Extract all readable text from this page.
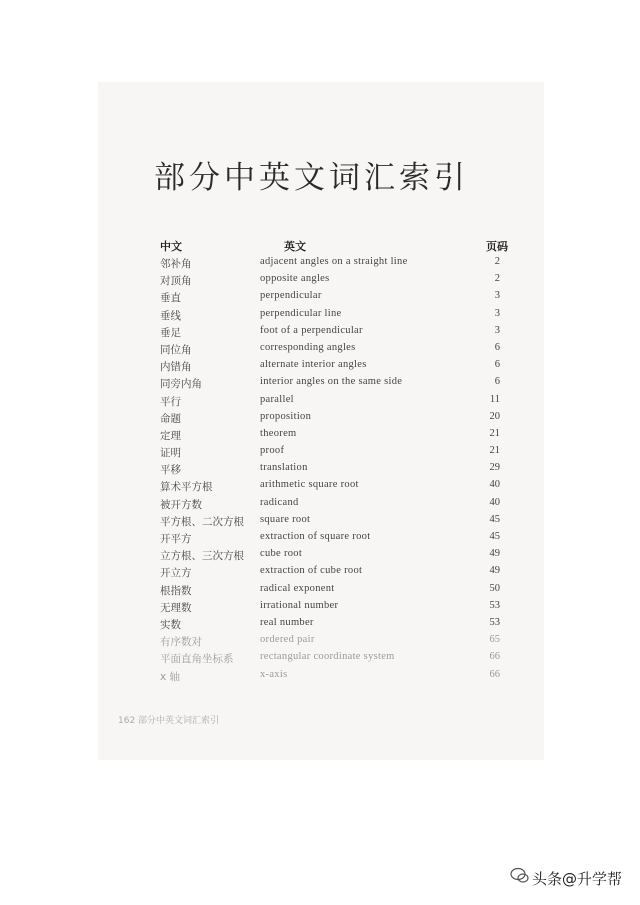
部分中英文词汇索引
中文	英文	页码
邻补角	adjacent angles on a straight line	2
对顶角	opposite angles	2
垂直	perpendicular	3
垂线	perpendicular line	3
垂足	foot of a perpendicular	3
同位角	corresponding angles	6
内错角	alternate interior angles	6
同旁内角	interior angles on the same side	6
平行	parallel	11
命题	proposition	20
定理	theorem	21
证明	proof	21
平移	translation	29
算术平方根	arithmetic square root	40
被开方数	radicand	40
平方根、二次方根 square root	45
开平方	extraction of square root	45
立方根、三次方根 cube root	49
开立方	extraction of cube root	49
根指数	radical exponent	50
无理数	irrational number	53
实数	real number	53
有序数对	ordered pair	65
平面直角坐标系	rectangular coordinate system	66
x 轴	x-axis	66
162 部分中英文词汇索引
头条@升学帮
